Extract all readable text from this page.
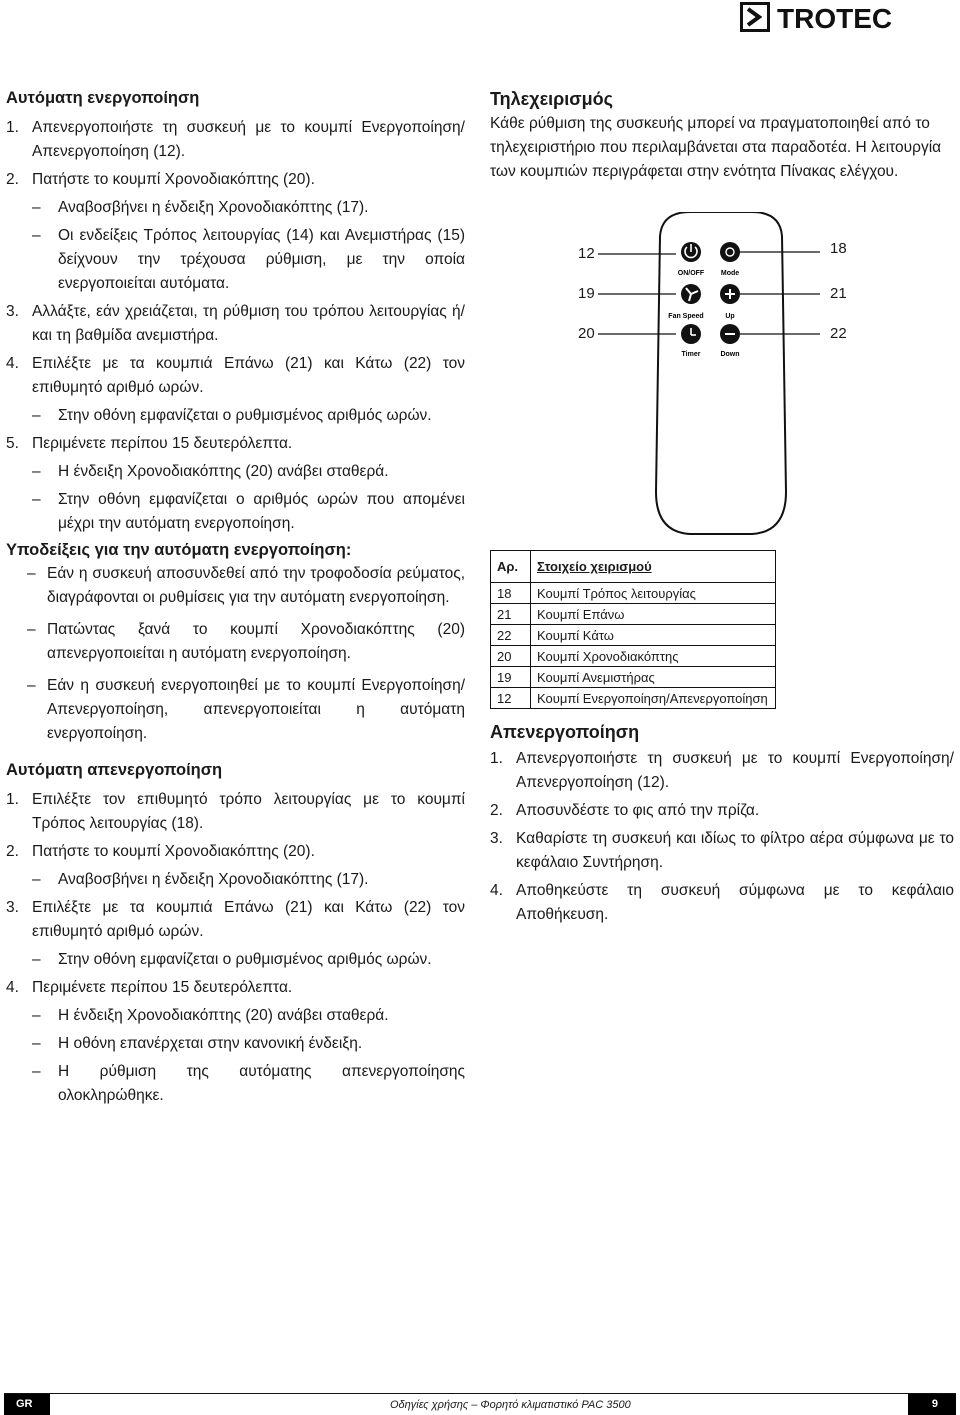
TROTEC
Αυτόματη ενεργοποίηση
1. Απενεργοποιήστε τη συσκευή με το κουμπί Ενεργοποίηση/Απενεργοποίηση (12).
2. Πατήστε το κουμπί Χρονοδιακόπτης (20).
–	Αναβοσβήνει η ένδειξη Χρονοδιακόπτης (17).
–	Οι ενδείξεις Τρόπος λειτουργίας (14) και Ανεμιστήρας (15) δείχνουν την τρέχουσα ρύθμιση, με την οποία ενεργοποιείται αυτόματα.
3. Αλλάξτε, εάν χρειάζεται, τη ρύθμιση του τρόπου λειτουργίας ή/και τη βαθμίδα ανεμιστήρα.
4. Επιλέξτε με τα κουμπιά Επάνω (21) και Κάτω (22) τον επιθυμητό αριθμό ωρών.
–	Στην οθόνη εμφανίζεται ο ρυθμισμένος αριθμός ωρών.
5. Περιμένετε περίπου 15 δευτερόλεπτα.
–	Η ένδειξη Χρονοδιακόπτης (20) ανάβει σταθερά.
–	Στην οθόνη εμφανίζεται ο αριθμός ωρών που απομένει μέχρι την αυτόματη ενεργοποίηση.
Υποδείξεις για την αυτόματη ενεργοποίηση:
– Εάν η συσκευή αποσυνδεθεί από την τροφοδοσία ρεύματος, διαγράφονται οι ρυθμίσεις για την αυτόματη ενεργοποίηση.
– Πατώντας ξανά το κουμπί Χρονοδιακόπτης (20) απενεργοποιείται η αυτόματη ενεργοποίηση.
– Εάν η συσκευή ενεργοποιηθεί με το κουμπί Ενεργοποίηση/Απενεργοποίηση, απενεργοποιείται η αυτόματη ενεργοποίηση.
Αυτόματη απενεργοποίηση
1. Επιλέξτε τον επιθυμητό τρόπο λειτουργίας με το κουμπί Τρόπος λειτουργίας (18).
2. Πατήστε το κουμπί Χρονοδιακόπτης (20).
–	Αναβοσβήνει η ένδειξη Χρονοδιακόπτης (17).
3. Επιλέξτε με τα κουμπιά Επάνω (21) και Κάτω (22) τον επιθυμητό αριθμό ωρών.
–	Στην οθόνη εμφανίζεται ο ρυθμισμένος αριθμός ωρών.
4. Περιμένετε περίπου 15 δευτερόλεπτα.
–	Η ένδειξη Χρονοδιακόπτης (20) ανάβει σταθερά.
–	Η οθόνη επανέρχεται στην κανονική ένδειξη.
–	Η ρύθμιση της αυτόματης απενεργοποίησης ολοκληρώθηκε.
Τηλεχειρισμός

Κάθε ρύθμιση της συσκευής μπορεί να πραγματοποιηθεί από το τηλεχειριστήριο που περιλαμβάνεται στα παραδοτέα. Η λειτουργία των κουμπιών περιγράφεται στην ενότητα Πίνακας ελέγχου.

ON/OFF Mode
Fan Speed	Up
Timer	Down
12
19
20
18
21
22
Αρ.	Στοιχείο χειρισμού
18	Κουμπί Τρόπος λειτουργίας
21	Κουμπί Επάνω
22	Κουμπί Κάτω
20	Κουμπί Χρονοδιακόπτης
19	Κουμπί Ανεμιστήρας
12	Κουμπί Ενεργοποίηση/Απενεργοποίηση
Απενεργοποίηση
1. Απενεργοποιήστε τη συσκευή με το κουμπί Ενεργοποίηση/Απενεργοποίηση (12).
2. Αποσυνδέστε το φις από την πρίζα.
3. Καθαρίστε τη συσκευή και ιδίως το φίλτρο αέρα σύμφωνα με το κεφάλαιο Συντήρηση.
4. Αποθηκεύστε τη συσκευή σύμφωνα με το κεφάλαιο Αποθήκευση.
GR	Οδηγίες χρήσης – Φορητό κλιματιστικό PAC 3500	9
